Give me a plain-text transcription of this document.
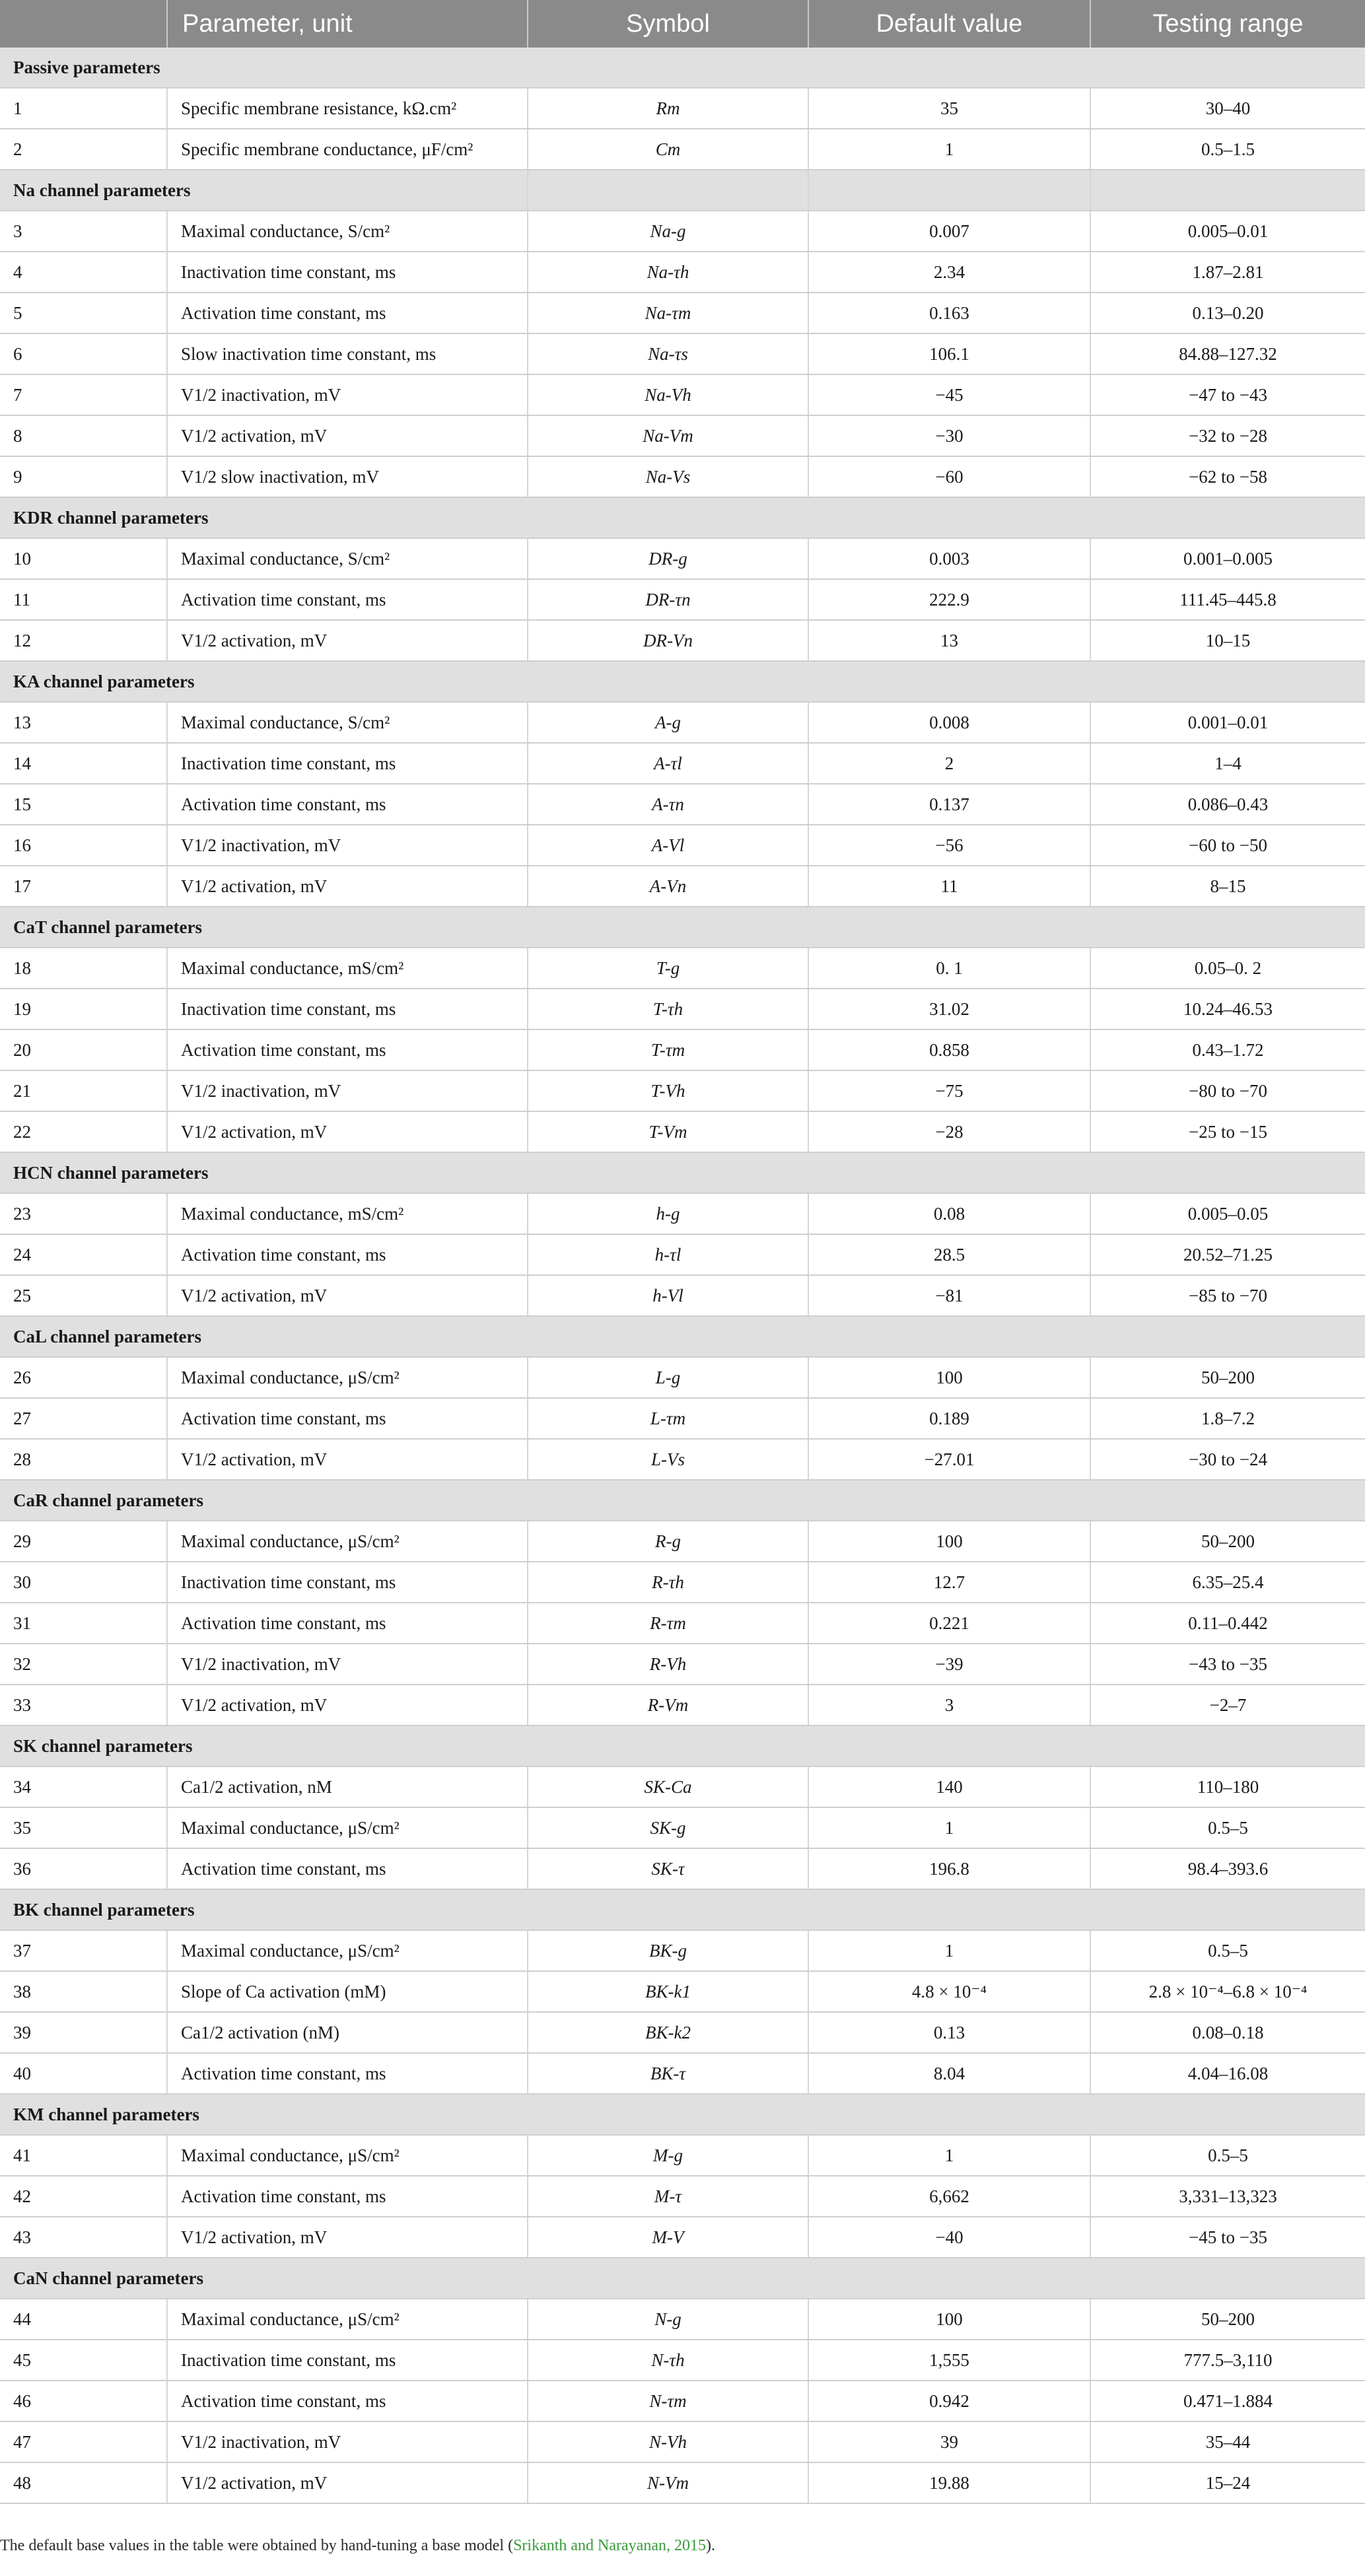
	Parameter, unit	Symbol	Default value	Testing range
Passive parameters				
1	Specific membrane resistance, kΩ.cm²	Rm	35	30–40
2	Specific membrane conductance, μF/cm²	Cm	1	0.5–1.5
Na channel parameters				
3	Maximal conductance, S/cm²	Na-g	0.007	0.005–0.01
4	Inactivation time constant, ms	Na-τh	2.34	1.87–2.81
5	Activation time constant, ms	Na-τm	0.163	0.13–0.20
6	Slow inactivation time constant, ms	Na-τs	106.1	84.88–127.32
7	V1/2 inactivation, mV	Na-Vh	−45	−47 to −43
8	V1/2 activation, mV	Na-Vm	−30	−32 to −28
9	V1/2 slow inactivation, mV	Na-Vs	−60	−62 to −58
KDR channel parameters				
10	Maximal conductance, S/cm²	DR-g	0.003	0.001–0.005
11	Activation time constant, ms	DR-τn	222.9	111.45–445.8
12	V1/2 activation, mV	DR-Vn	13	10–15
KA channel parameters				
13	Maximal conductance, S/cm²	A-g	0.008	0.001–0.01
14	Inactivation time constant, ms	A-τl	2	1–4
15	Activation time constant, ms	A-τn	0.137	0.086–0.43
16	V1/2 inactivation, mV	A-Vl	−56	−60 to −50
17	V1/2 activation, mV	A-Vn	11	8–15
CaT channel parameters				
18	Maximal conductance, mS/cm²	T-g	0. 1	0.05–0. 2
19	Inactivation time constant, ms	T-τh	31.02	10.24–46.53
20	Activation time constant, ms	T-τm	0.858	0.43–1.72
21	V1/2 inactivation, mV	T-Vh	−75	−80 to −70
22	V1/2 activation, mV	T-Vm	−28	−25 to −15
HCN channel parameters				
23	Maximal conductance, mS/cm²	h-g	0.08	0.005–0.05
24	Activation time constant, ms	h-τl	28.5	20.52–71.25
25	V1/2 activation, mV	h-Vl	−81	−85 to −70
CaL channel parameters				
26	Maximal conductance, μS/cm²	L-g	100	50–200
27	Activation time constant, ms	L-τm	0.189	1.8–7.2
28	V1/2 activation, mV	L-Vs	−27.01	−30 to −24
CaR channel parameters				
29	Maximal conductance, μS/cm²	R-g	100	50–200
30	Inactivation time constant, ms	R-τh	12.7	6.35–25.4
31	Activation time constant, ms	R-τm	0.221	0.11–0.442
32	V1/2 inactivation, mV	R-Vh	−39	−43 to −35
33	V1/2 activation, mV	R-Vm	3	−2–7
SK channel parameters				
34	Ca1/2 activation, nM	SK-Ca	140	110–180
35	Maximal conductance, μS/cm²	SK-g	1	0.5–5
36	Activation time constant, ms	SK-τ	196.8	98.4–393.6
BK channel parameters				
37	Maximal conductance, μS/cm²	BK-g	1	0.5–5
38	Slope of Ca activation (mM)	BK-k1	4.8 × 10⁻⁴	2.8 × 10⁻⁴–6.8 × 10⁻⁴
39	Ca1/2 activation (nM)	BK-k2	0.13	0.08–0.18
40	Activation time constant, ms	BK-τ	8.04	4.04–16.08
KM channel parameters				
41	Maximal conductance, μS/cm²	M-g	1	0.5–5
42	Activation time constant, ms	M-τ	6,662	3,331–13,323
43	V1/2 activation, mV	M-V	−40	−45 to −35
CaN channel parameters				
44	Maximal conductance, μS/cm²	N-g	100	50–200
45	Inactivation time constant, ms	N-τh	1,555	777.5–3,110
46	Activation time constant, ms	N-τm	0.942	0.471–1.884
47	V1/2 inactivation, mV	N-Vh	39	35–44
48	V1/2 activation, mV	N-Vm	19.88	15–24
The default base values in the table were obtained by hand-tuning a base model (Srikanth and Narayanan, 2015).
